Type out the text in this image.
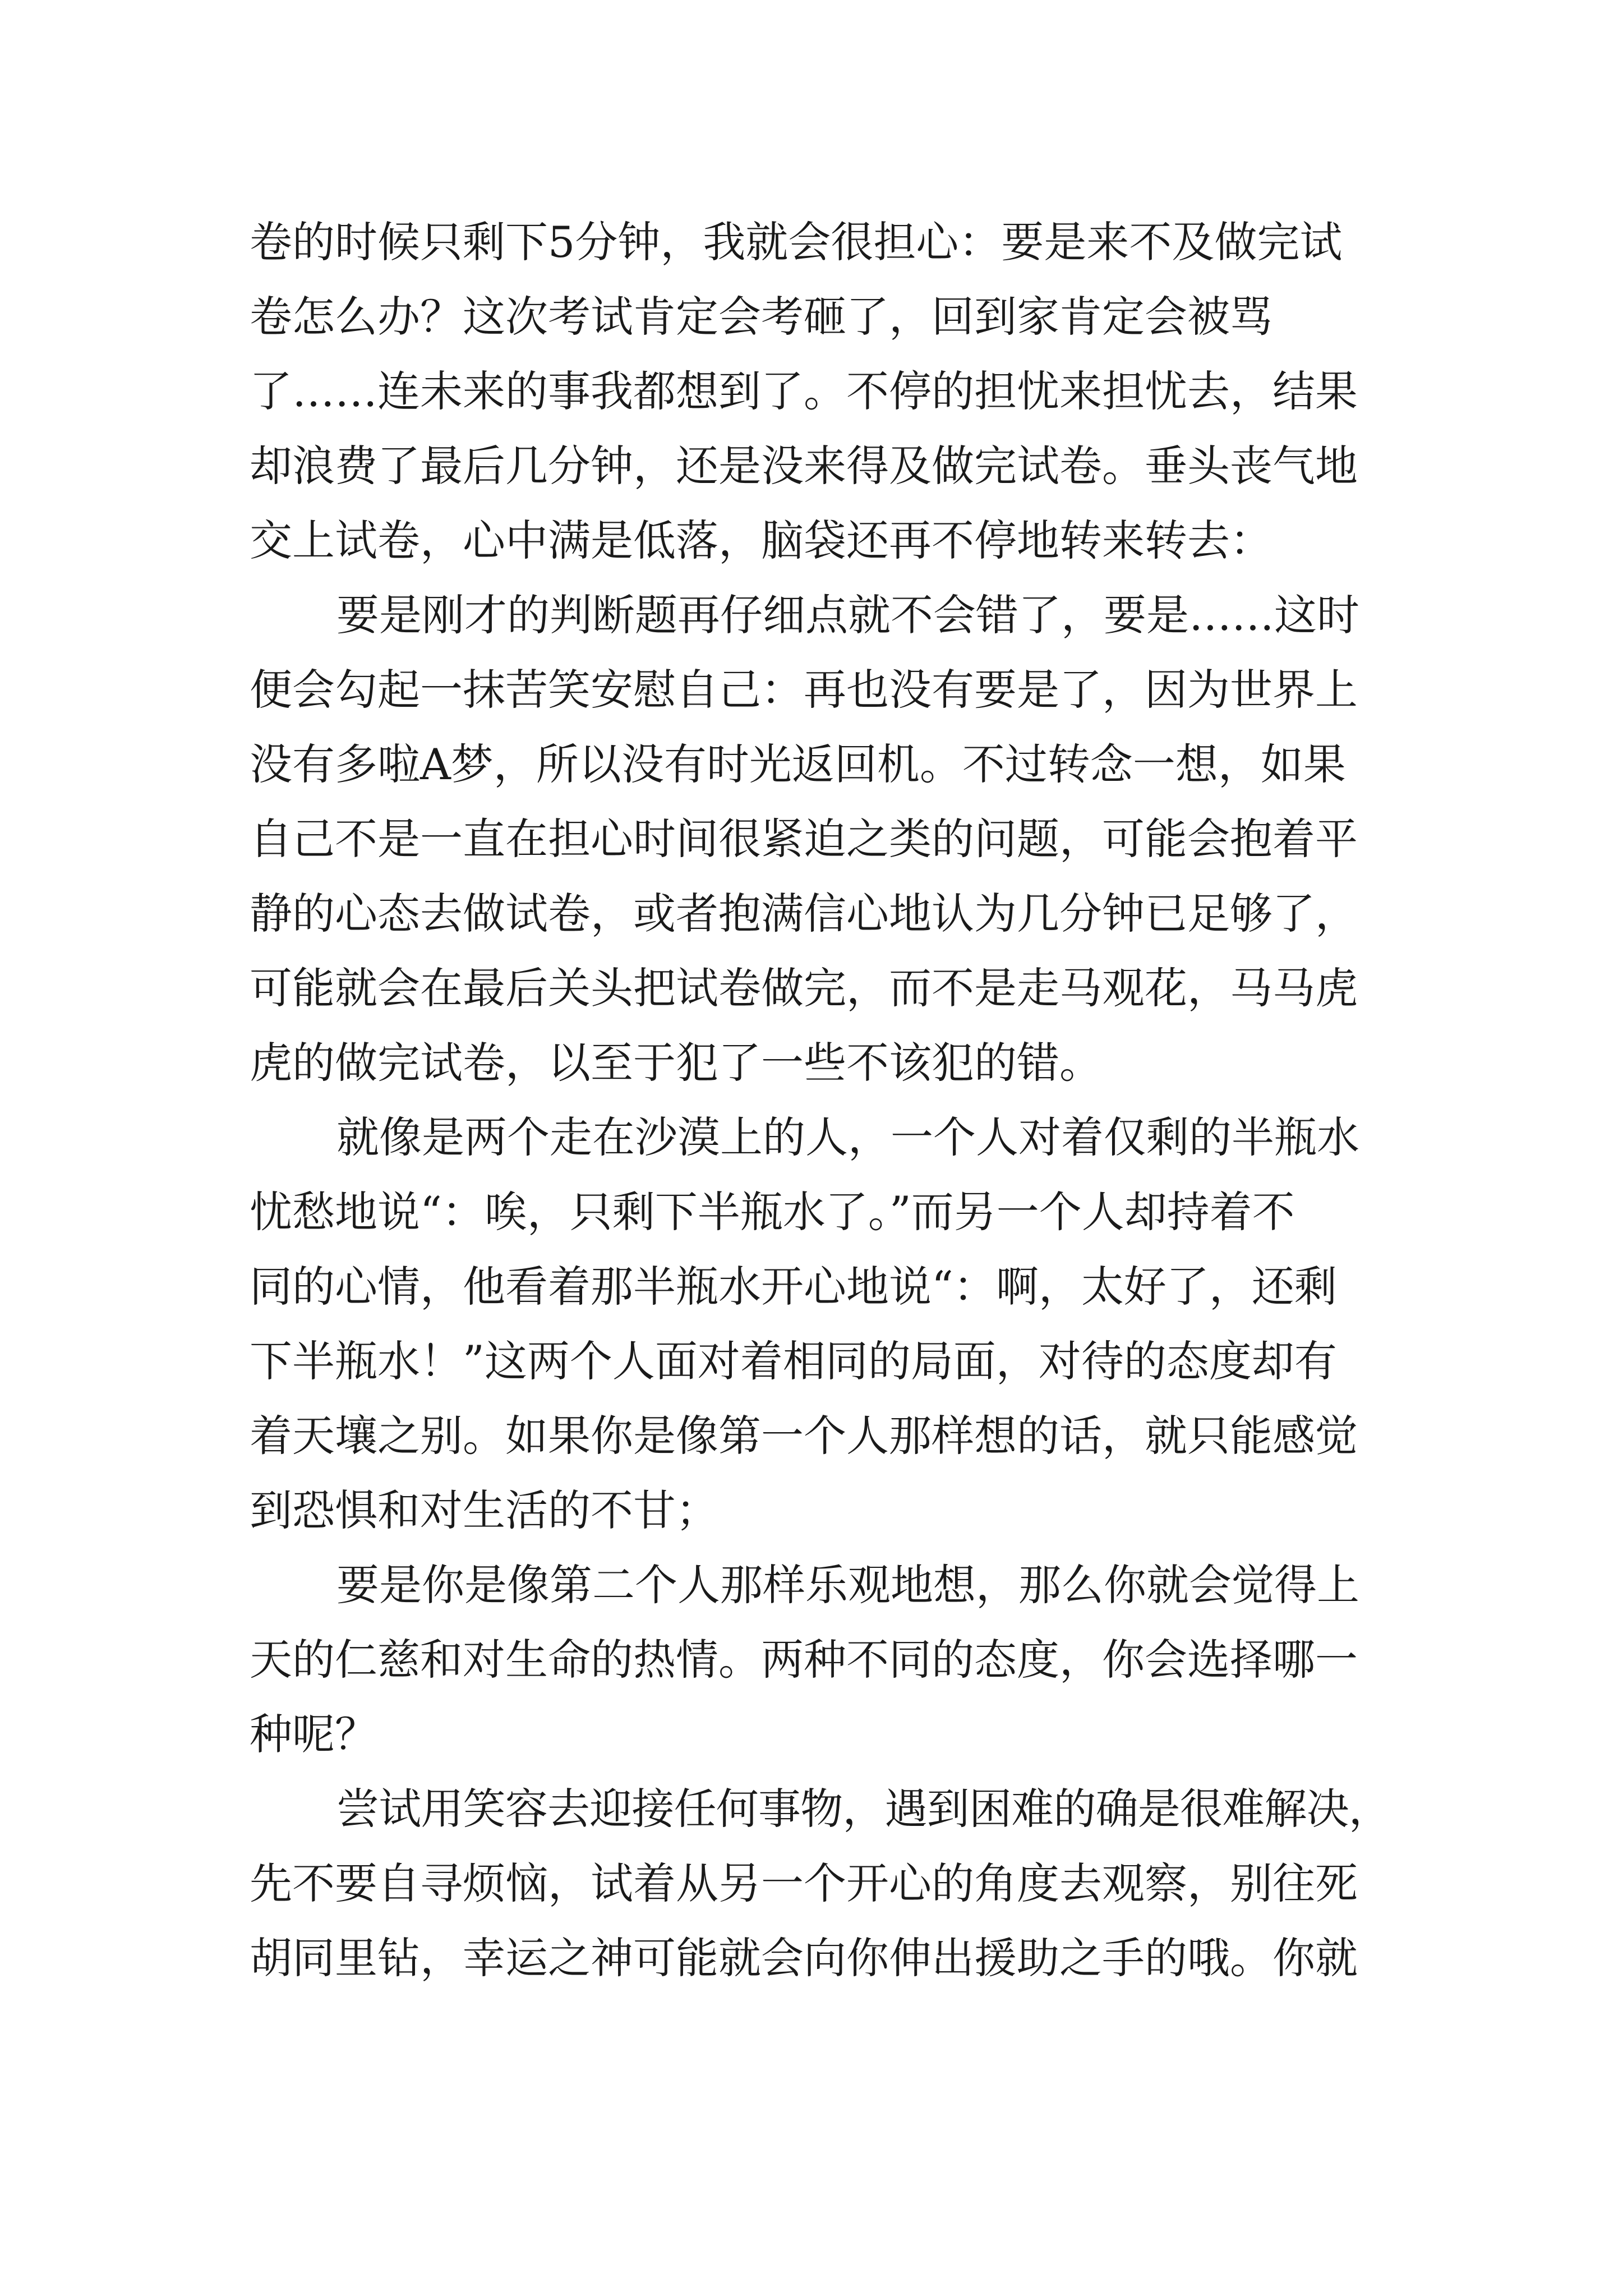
卷的时候只剩下5分钟，我就会很担心：要是来不及做完试
卷怎么办？这次考试肯定会考砸了，回到家肯定会被骂
了……连未来的事我都想到了。不停的担忧来担忧去，结果
却浪费了最后几分钟，还是没来得及做完试卷。垂头丧气地
交上试卷，心中满是低落，脑袋还再不停地转来转去：
要是刚才的判断题再仔细点就不会错了，要是……这时
便会勾起一抹苦笑安慰自己：再也没有要是了，因为世界上
没有多啦A梦，所以没有时光返回机。不过转念一想，如果
自己不是一直在担心时间很紧迫之类的问题，可能会抱着平
静的心态去做试卷，或者抱满信心地认为几分钟已足够了，
可能就会在最后关头把试卷做完，而不是走马观花，马马虎
虎的做完试卷，以至于犯了一些不该犯的错。
就像是两个走在沙漠上的人，一个人对着仅剩的半瓶水
忧愁地说“：唉，只剩下半瓶水了。”而另一个人却持着不
同的心情，他看着那半瓶水开心地说“：啊，太好了，还剩
下半瓶水！”这两个人面对着相同的局面，对待的态度却有
着天壤之别。如果你是像第一个人那样想的话，就只能感觉
到恐惧和对生活的不甘；
要是你是像第二个人那样乐观地想，那么你就会觉得上
天的仁慈和对生命的热情。两种不同的态度，你会选择哪一
种呢？
尝试用笑容去迎接任何事物，遇到困难的确是很难解决，
先不要自寻烦恼，试着从另一个开心的角度去观察，别往死
胡同里钻，幸运之神可能就会向你伸出援助之手的哦。你就
